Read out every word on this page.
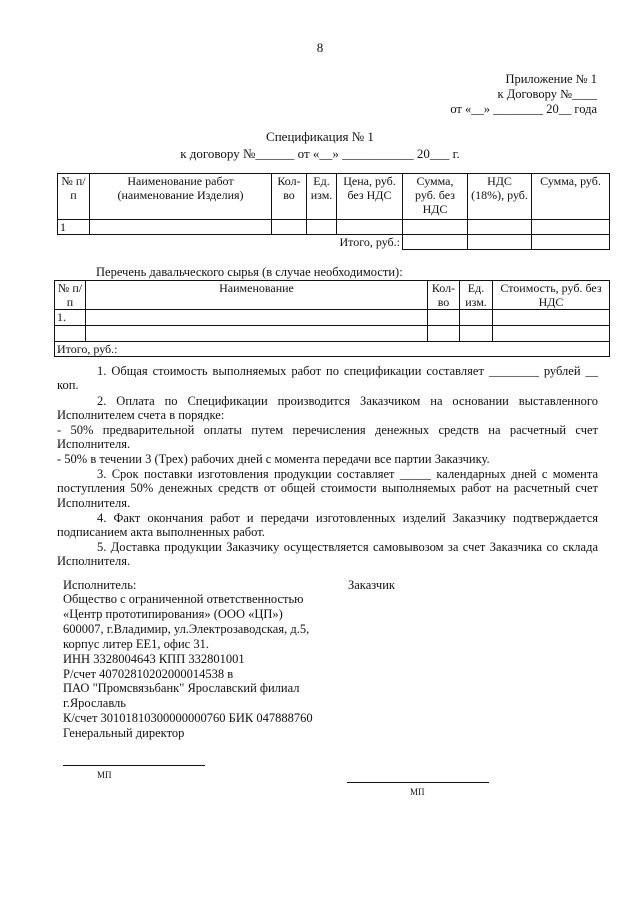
8
Приложение № 1
к Договору №____
от «__» ________ 20__ года
Спецификация № 1
к договору №______ от «__» ___________ 20___ г.
№ п/п	Наименование работ (наименование Изделия)	Кол-во	Ед. изм.	Цена, руб. без НДС	Сумма, руб. без НДС	НДС (18%), руб.	Сумма, руб.
1							
			Итого, руб.:				
Перечень давальческого сырья (в случае необходимости):
№ п/п	Наименование	Кол-во	Ед. изм.	Стоимость, руб. без НДС
1.				

Итого, руб.:				
1. Общая стоимость выполняемых работ по спецификации составляет ________ рублей __ коп.
2. Оплата по Спецификации производится Заказчиком на основании выставленного Исполнителем счета в порядке:
- 50% предварительной оплаты путем перечисления денежных средств на расчетный счет Исполнителя.
- 50% в течении 3 (Трех) рабочих дней с момента передачи все партии Заказчику.
3. Срок поставки изготовления продукции составляет _____ календарных дней с момента поступления 50% денежных средств от общей стоимости выполняемых работ на расчетный счет Исполнителя.
4. Факт окончания работ и передачи изготовленных изделий Заказчику подтверждается подписанием акта выполненных работ.
5. Доставка продукции Заказчику осуществляется самовывозом за счет Заказчика со склада Исполнителя.
Исполнитель:	Заказчик
Общество с ограниченной ответственностью
«Центр прототипирования» (ООО «ЦП»)
600007, г.Владимир, ул.Электрозаводская, д.5,
корпус литер ЕЕ1, офис 31.
ИНН 3328004643 КПП 332801001
Р/счет 40702810202000014538 в
ПАО "Промсвязьбанк" Ярославский филиал
г.Ярославль
К/счет 30101810300000000760 БИК 047888760
Генеральный директор
МП
МП
